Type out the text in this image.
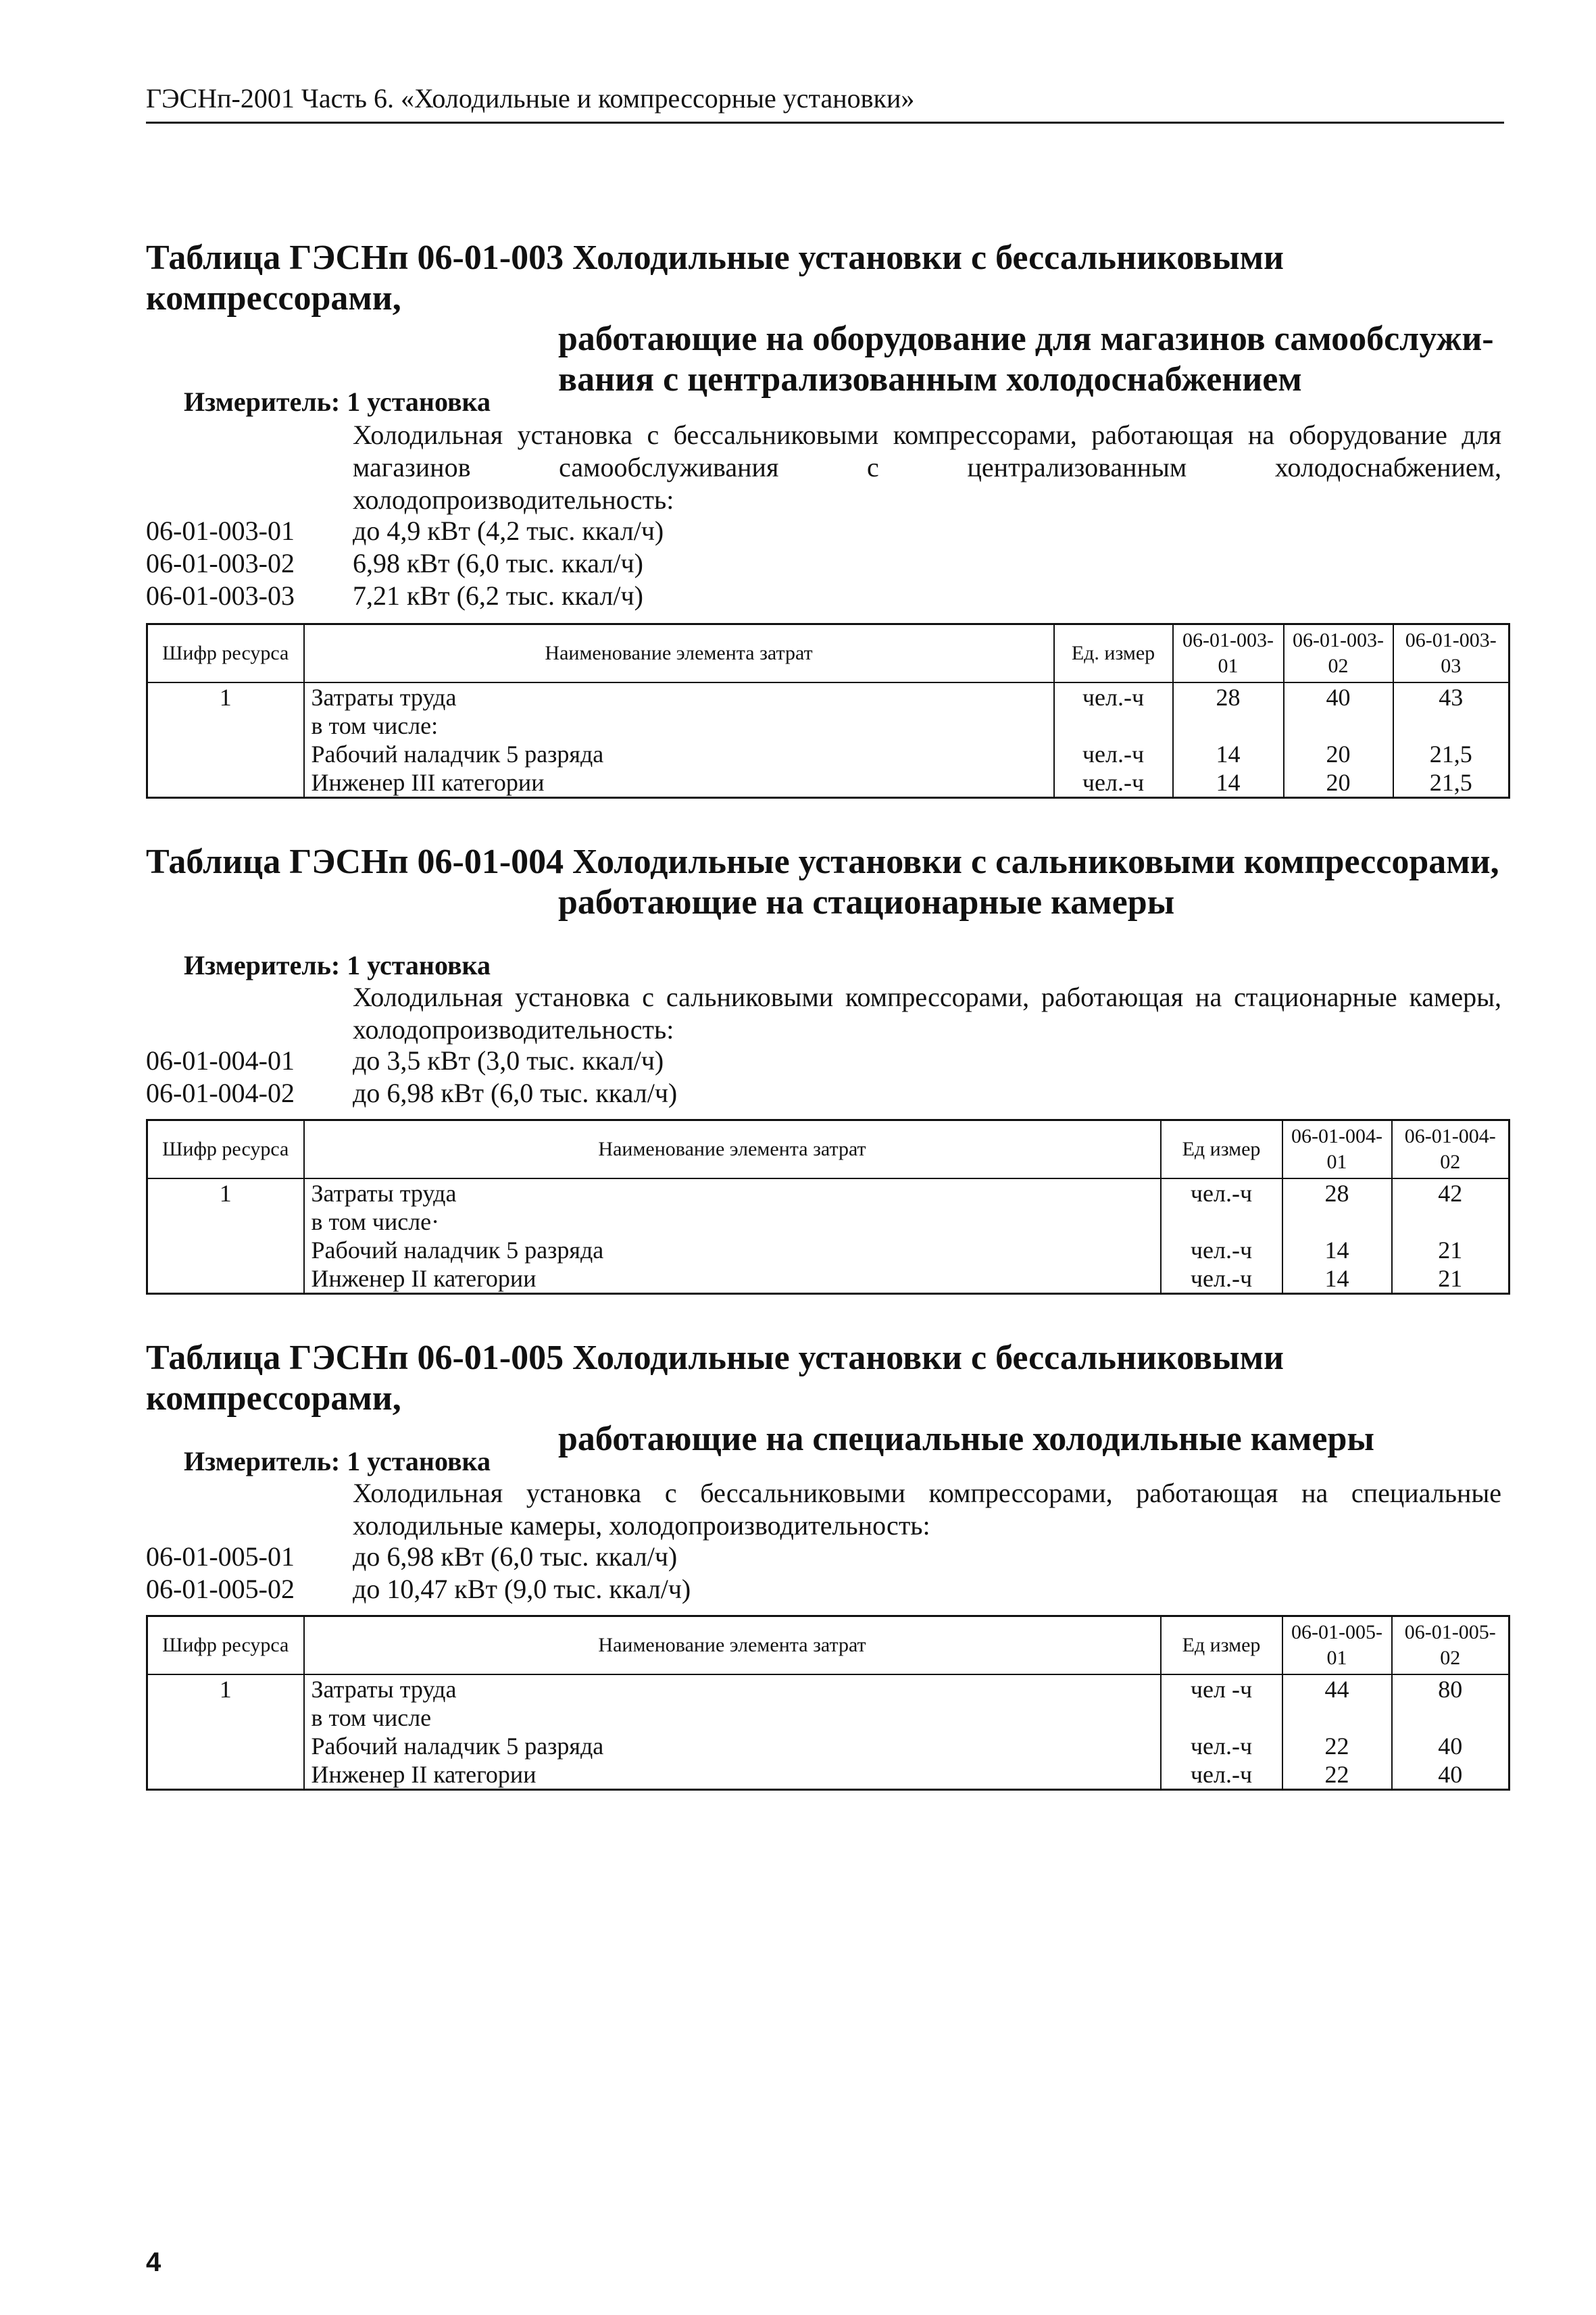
ГЭСНп-2001 Часть 6. «Холодильные и компрессорные установки»
Таблица ГЭСНп 06-01-003 Холодильные установки с бессальниковыми компрессорами,
работающие на оборудование для магазинов самообслужи-
вания с централизованным холодоснабжением
Измеритель: 1 установка
Холодильная установка с бессальниковыми компрессорами, работающая на оборудование для магазинов самообслуживания с централизованным холодоснабжением, холодопроизводительность:
06-01-003-01 до 4,9 кВт (4,2 тыс. ккал/ч)
06-01-003-02 6,98 кВт (6,0 тыс. ккал/ч)
06-01-003-03 7,21 кВт (6,2 тыс. ккал/ч)
Шифр ресурса	Наименование элемента затрат	Ед. измер	06-01-003-01	06-01-003-02	06-01-003-03
1	Затраты труда	чел.-ч	28	40	43
	в том числе:				
	Рабочий наладчик 5 разряда	чел.-ч	14	20	21,5
	Инженер III категории	чел.-ч	14	20	21,5
Таблица ГЭСНп 06-01-004 Холодильные установки с сальниковыми компрессорами,
работающие на стационарные камеры
Измеритель: 1 установка
Холодильная установка с сальниковыми компрессорами, работающая на стационарные камеры, холодопроизводительность:
06-01-004-01 до 3,5 кВт (3,0 тыс. ккал/ч)
06-01-004-02 до 6,98 кВт (6,0 тыс. ккал/ч)
Шифр ресурса	Наименование элемента затрат	Ед измер	06-01-004-01	06-01-004-02
1	Затраты труда	чел.-ч	28	42
	в том числе·			
	Рабочий наладчик 5 разряда	чел.-ч	14	21
	Инженер II категории	чел.-ч	14	21
Таблица ГЭСНп 06-01-005 Холодильные установки с бессальниковыми компрессорами,
работающие на специальные холодильные камеры
Измеритель: 1 установка
Холодильная установка с бессальниковыми компрессорами, работающая на специальные холодильные камеры, холодопроизводительность:
06-01-005-01 до 6,98 кВт (6,0 тыс. ккал/ч)
06-01-005-02 до 10,47 кВт (9,0 тыс. ккал/ч)
Шифр ресурса	Наименование элемента затрат	Ед измер	06-01-005-01	06-01-005-02
1	Затраты труда	чел -ч	44	80
	в том числе			
	Рабочий наладчик 5 разряда	чел.-ч	22	40
	Инженер II категории	чел.-ч	22	40
4
